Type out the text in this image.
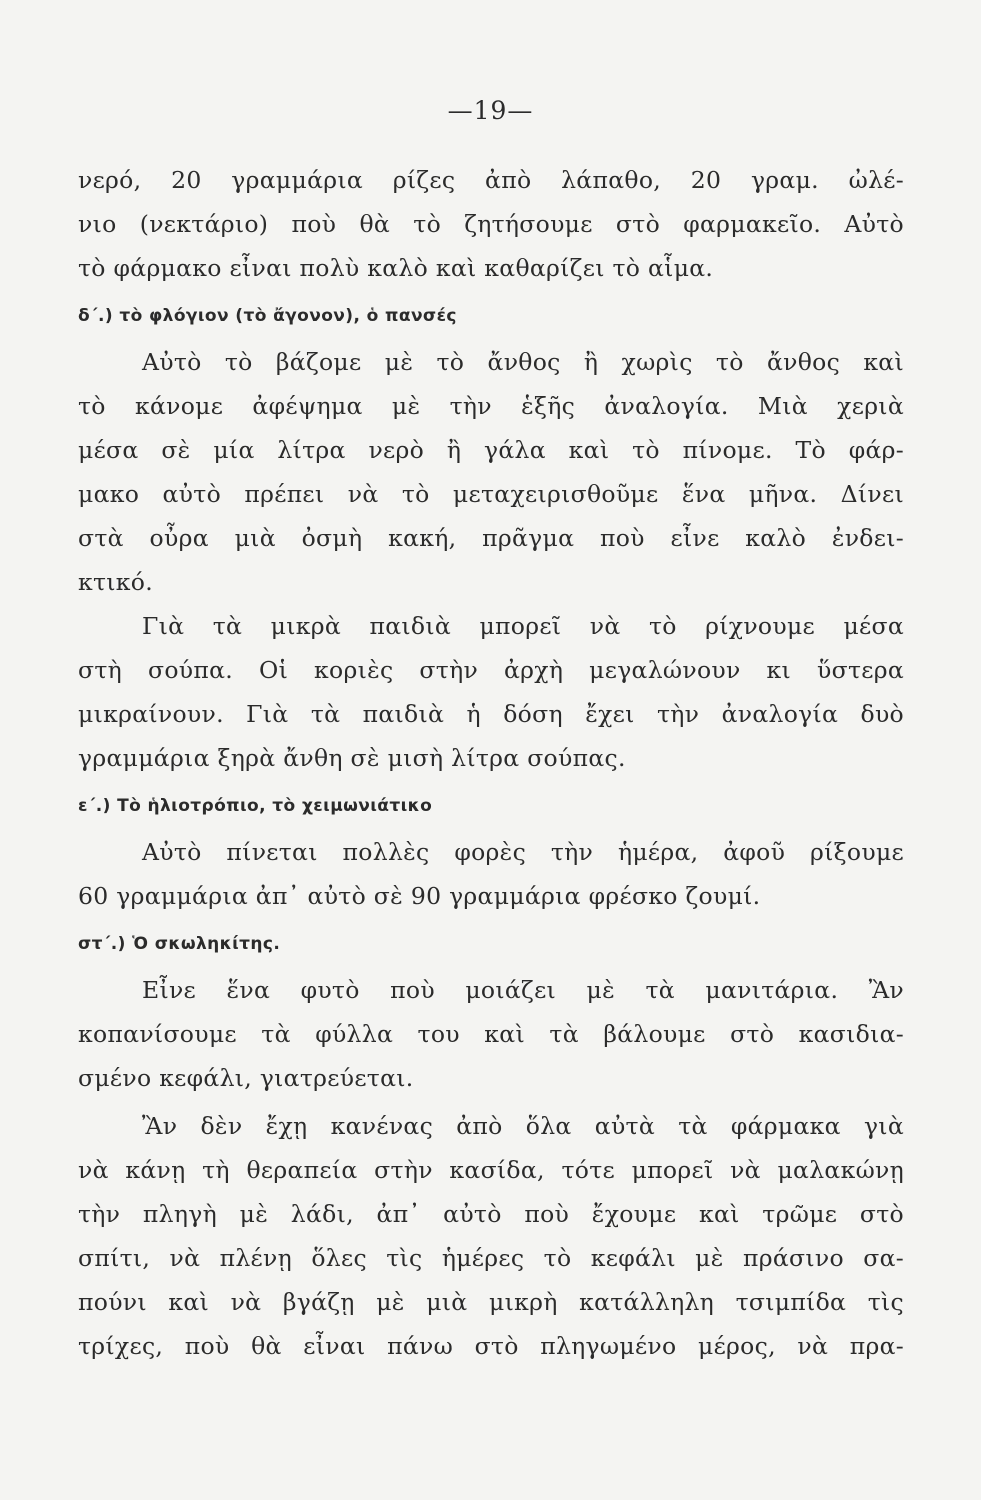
—19—
νερό, 20 γραμμάρια ρίζες ἀπὸ λάπαθο, 20 γραμ. ὠλέ-
νιο (νεκτάριο) ποὺ θὰ τὸ ζητήσουμε στὸ φαρμακεῖο. Αὐτὸ
τὸ φάρμακο εἶναι πολὺ καλὸ καὶ καθαρίζει τὸ αἷμα.
δ΄.) τὸ φλόγιον (τὸ ἄγονον), ὁ πανσές
Αὐτὸ τὸ βάζομε μὲ τὸ ἄνθος ἢ χωρὶς τὸ ἄνθος καὶ
τὸ κάνομε ἀφέψημα μὲ τὴν ἑξῆς ἀναλογία. Μιὰ χεριὰ
μέσα σὲ μία λίτρα νερὸ ἢ γάλα καὶ τὸ πίνομε. Τὸ φάρ-
μακο αὐτὸ πρέπει νὰ τὸ μεταχειρισθοῦμε ἕνα μῆνα. Δίνει
στὰ οὖρα μιὰ ὀσμὴ κακή, πρᾶγμα ποὺ εἶνε καλὸ ἐνδει-
κτικό.
Γιὰ τὰ μικρὰ παιδιὰ μπορεῖ νὰ τὸ ρίχνουμε μέσα
στὴ σούπα. Οἱ κοριὲς στὴν ἀρχὴ μεγαλώνουν κι ὕστερα
μικραίνουν. Γιὰ τὰ παιδιὰ ἡ δόση ἔχει τὴν ἀναλογία δυὸ
γραμμάρια ξηρὰ ἄνθη σὲ μισὴ λίτρα σούπας.
ε΄.) Τὸ ἡλιοτρόπιο, τὸ χειμωνιάτικο
Αὐτὸ πίνεται πολλὲς φορὲς τὴν ἡμέρα, ἀφοῦ ρίξουμε
60 γραμμάρια ἀπ᾽ αὐτὸ σὲ 90 γραμμάρια φρέσκο ζουμί.
στ΄.) Ὁ σκωληκίτης.
Εἶνε ἕνα φυτὸ ποὺ μοιάζει μὲ τὰ μανιτάρια. Ἂν
κοπανίσουμε τὰ φύλλα του καὶ τὰ βάλουμε στὸ κασιδια-
σμένο κεφάλι, γιατρεύεται.
Ἂν δὲν ἔχῃ κανένας ἀπὸ ὅλα αὐτὰ τὰ φάρμακα γιὰ
νὰ κάνῃ τὴ θεραπεία στὴν κασίδα, τότε μπορεῖ νὰ μαλακώνῃ
τὴν πληγὴ μὲ λάδι, ἀπ᾽ αὐτὸ ποὺ ἔχουμε καὶ τρῶμε στὸ
σπίτι, νὰ πλένῃ ὅλες τὶς ἡμέρες τὸ κεφάλι μὲ πράσινο σα-
πούνι καὶ νὰ βγάζῃ μὲ μιὰ μικρὴ κατάλληλη τσιμπίδα τὶς
τρίχες, ποὺ θὰ εἶναι πάνω στὸ πληγωμένο μέρος, νὰ πρα-
